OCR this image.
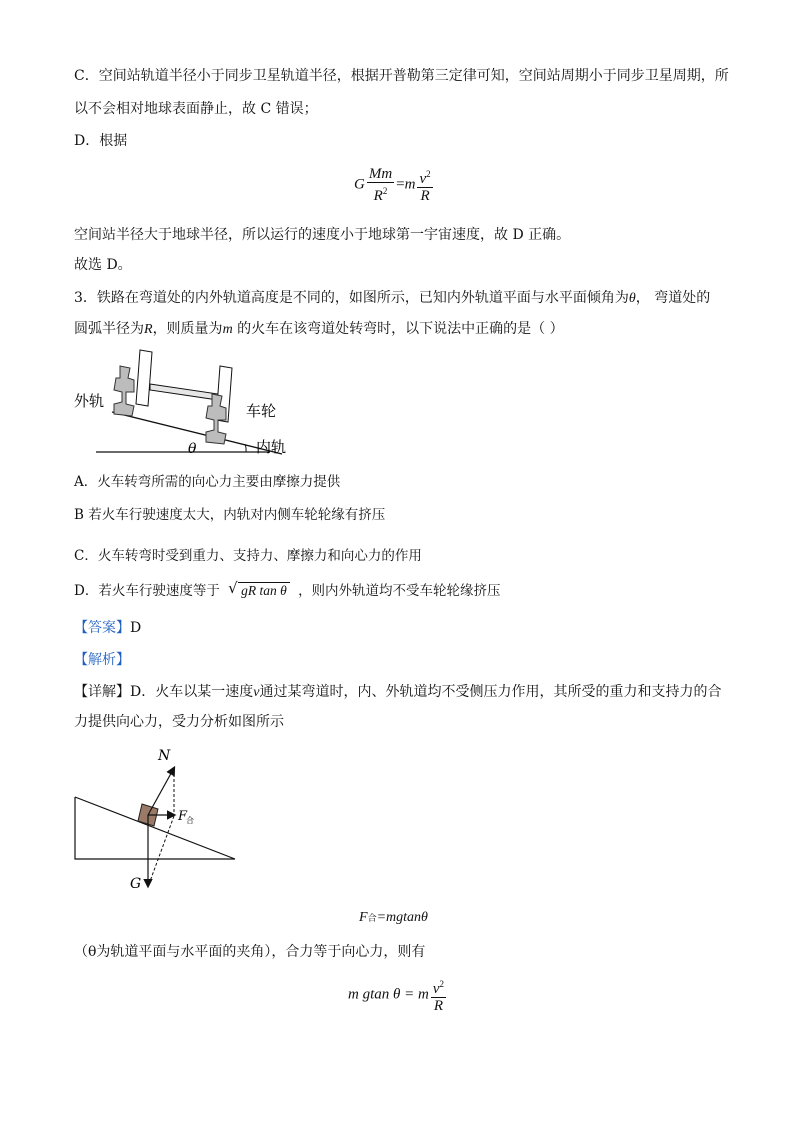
C．空间站轨道半径小于同步卫星轨道半径，根据开普勒第三定律可知，空间站周期小于同步卫星周期，所
以不会相对地球表面静止，故 C 错误；
D．根据
G $\frac{Mm}{R^2} =m \frac{v^2}{R}$
空间站半径大于地球半径，所以运行的速度小于地球第一宇宙速度，故 D 正确。
故选 D。
3．铁路在弯道处的内外轨道高度是不同的，如图所示，已知内外轨道平面与水平面倾角为θ， 弯道处的
圆弧半径为R，则质量为m 的火车在该弯道处转弯时，以下说法中正确的是（ ）
外轨
车轮
内轨
θ
A．火车转弯所需的向心力主要由摩擦力提供
B 若火车行驶速度太大，内轨对内侧车轮轮缘有挤压
C．火车转弯时受到重力、支持力、摩擦力和向心力的作用
D．若火车行驶速度等于 √ gR tan θ ，则内外轨道均不受车轮轮缘挤压
【答案】D
【解析】
【详解】D．火车以某一速度v通过某弯道时，内、外轨道均不受侧压力作用，其所受的重力和支持力的合
力提供向心力，受力分析如图所示
N
F
合
G
F合=mgtanθ
（θ为轨道平面与水平面的夹角），合力等于向心力，则有
m gtan θ = m $\frac{v^2}{R}$
